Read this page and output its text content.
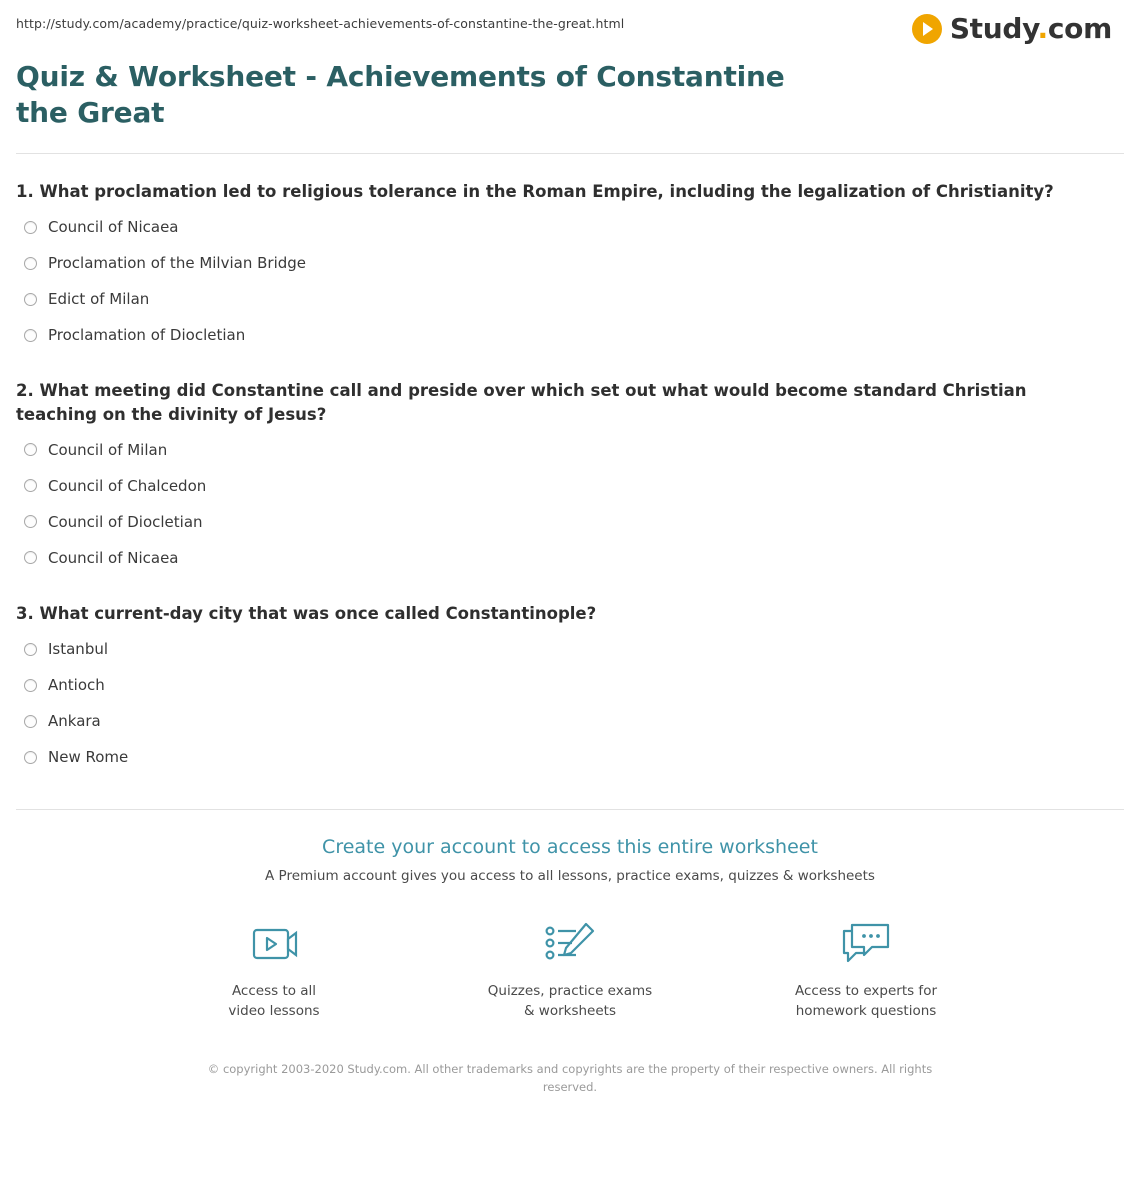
http://study.com/academy/practice/quiz-worksheet-achievements-of-constantine-the-great.html	Study.com
Quiz & Worksheet - Achievements of Constantine the Great

1. What proclamation led to religious tolerance in the Roman Empire, including the legalization of Christianity?

Council of Nicaea
Proclamation of the Milvian Bridge
Edict of Milan
Proclamation of Diocletian

2. What meeting did Constantine call and preside over which set out what would become standard Christian teaching on the divinity of Jesus?

Council of Milan
Council of Chalcedon
Council of Diocletian
Council of Nicaea

3. What current-day city that was once called Constantinople?

Istanbul
Antioch
Ankara
New Rome

Create your account to access this entire worksheet

A Premium account gives you access to all lessons, practice exams, quizzes & worksheets

Access to all
video lessons
Quizzes, practice exams
& worksheets
Access to experts for
homework questions
© copyright 2003-2020 Study.com. All other trademarks and copyrights are the property of their respective owners. All rights reserved.
